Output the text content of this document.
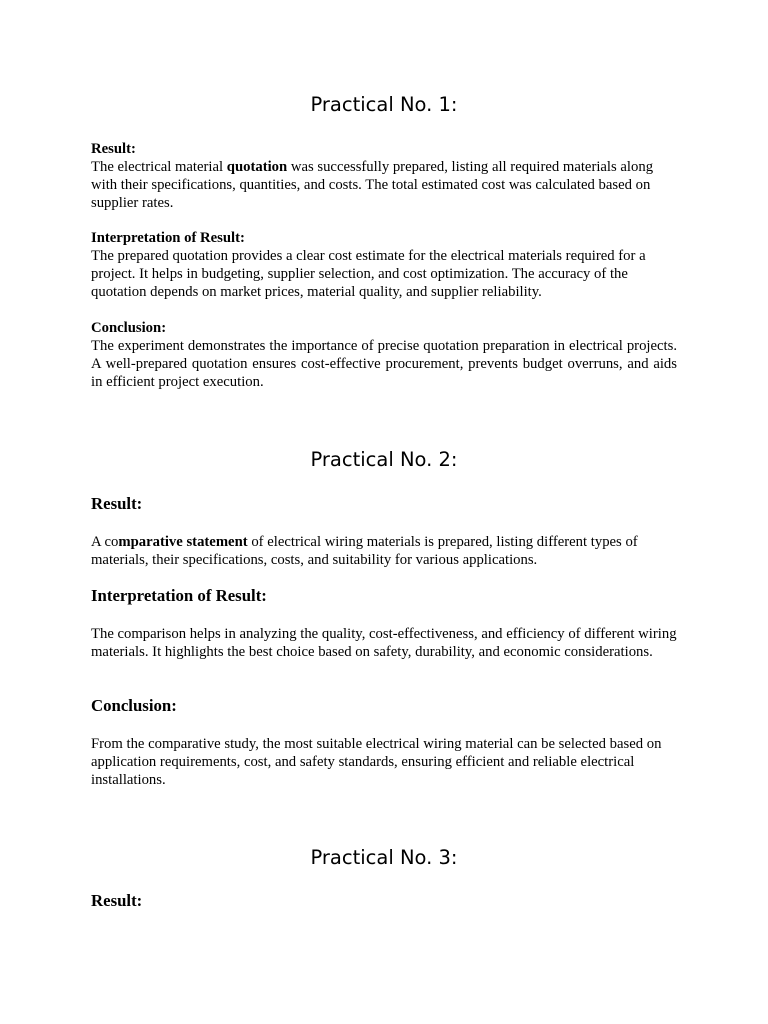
Practical No. 1:

Result:

The electrical material quotation was successfully prepared, listing all required materials along with their specifications, quantities, and costs. The total estimated cost was calculated based on supplier rates.

Interpretation of Result:

The prepared quotation provides a clear cost estimate for the electrical materials required for a project. It helps in budgeting, supplier selection, and cost optimization. The accuracy of the quotation depends on market prices, material quality, and supplier reliability.

Conclusion:

The experiment demonstrates the importance of precise quotation preparation in electrical projects. A well-prepared quotation ensures cost-effective procurement, prevents budget overruns, and aids in efficient project execution.

Practical No. 2:

Result:

A comparative statement of electrical wiring materials is prepared, listing different types of materials, their specifications, costs, and suitability for various applications.

Interpretation of Result:

The comparison helps in analyzing the quality, cost-effectiveness, and efficiency of different wiring materials. It highlights the best choice based on safety, durability, and economic considerations.

Conclusion:

From the comparative study, the most suitable electrical wiring material can be selected based on application requirements, cost, and safety standards, ensuring efficient and reliable electrical installations.

Practical No. 3:

Result:
